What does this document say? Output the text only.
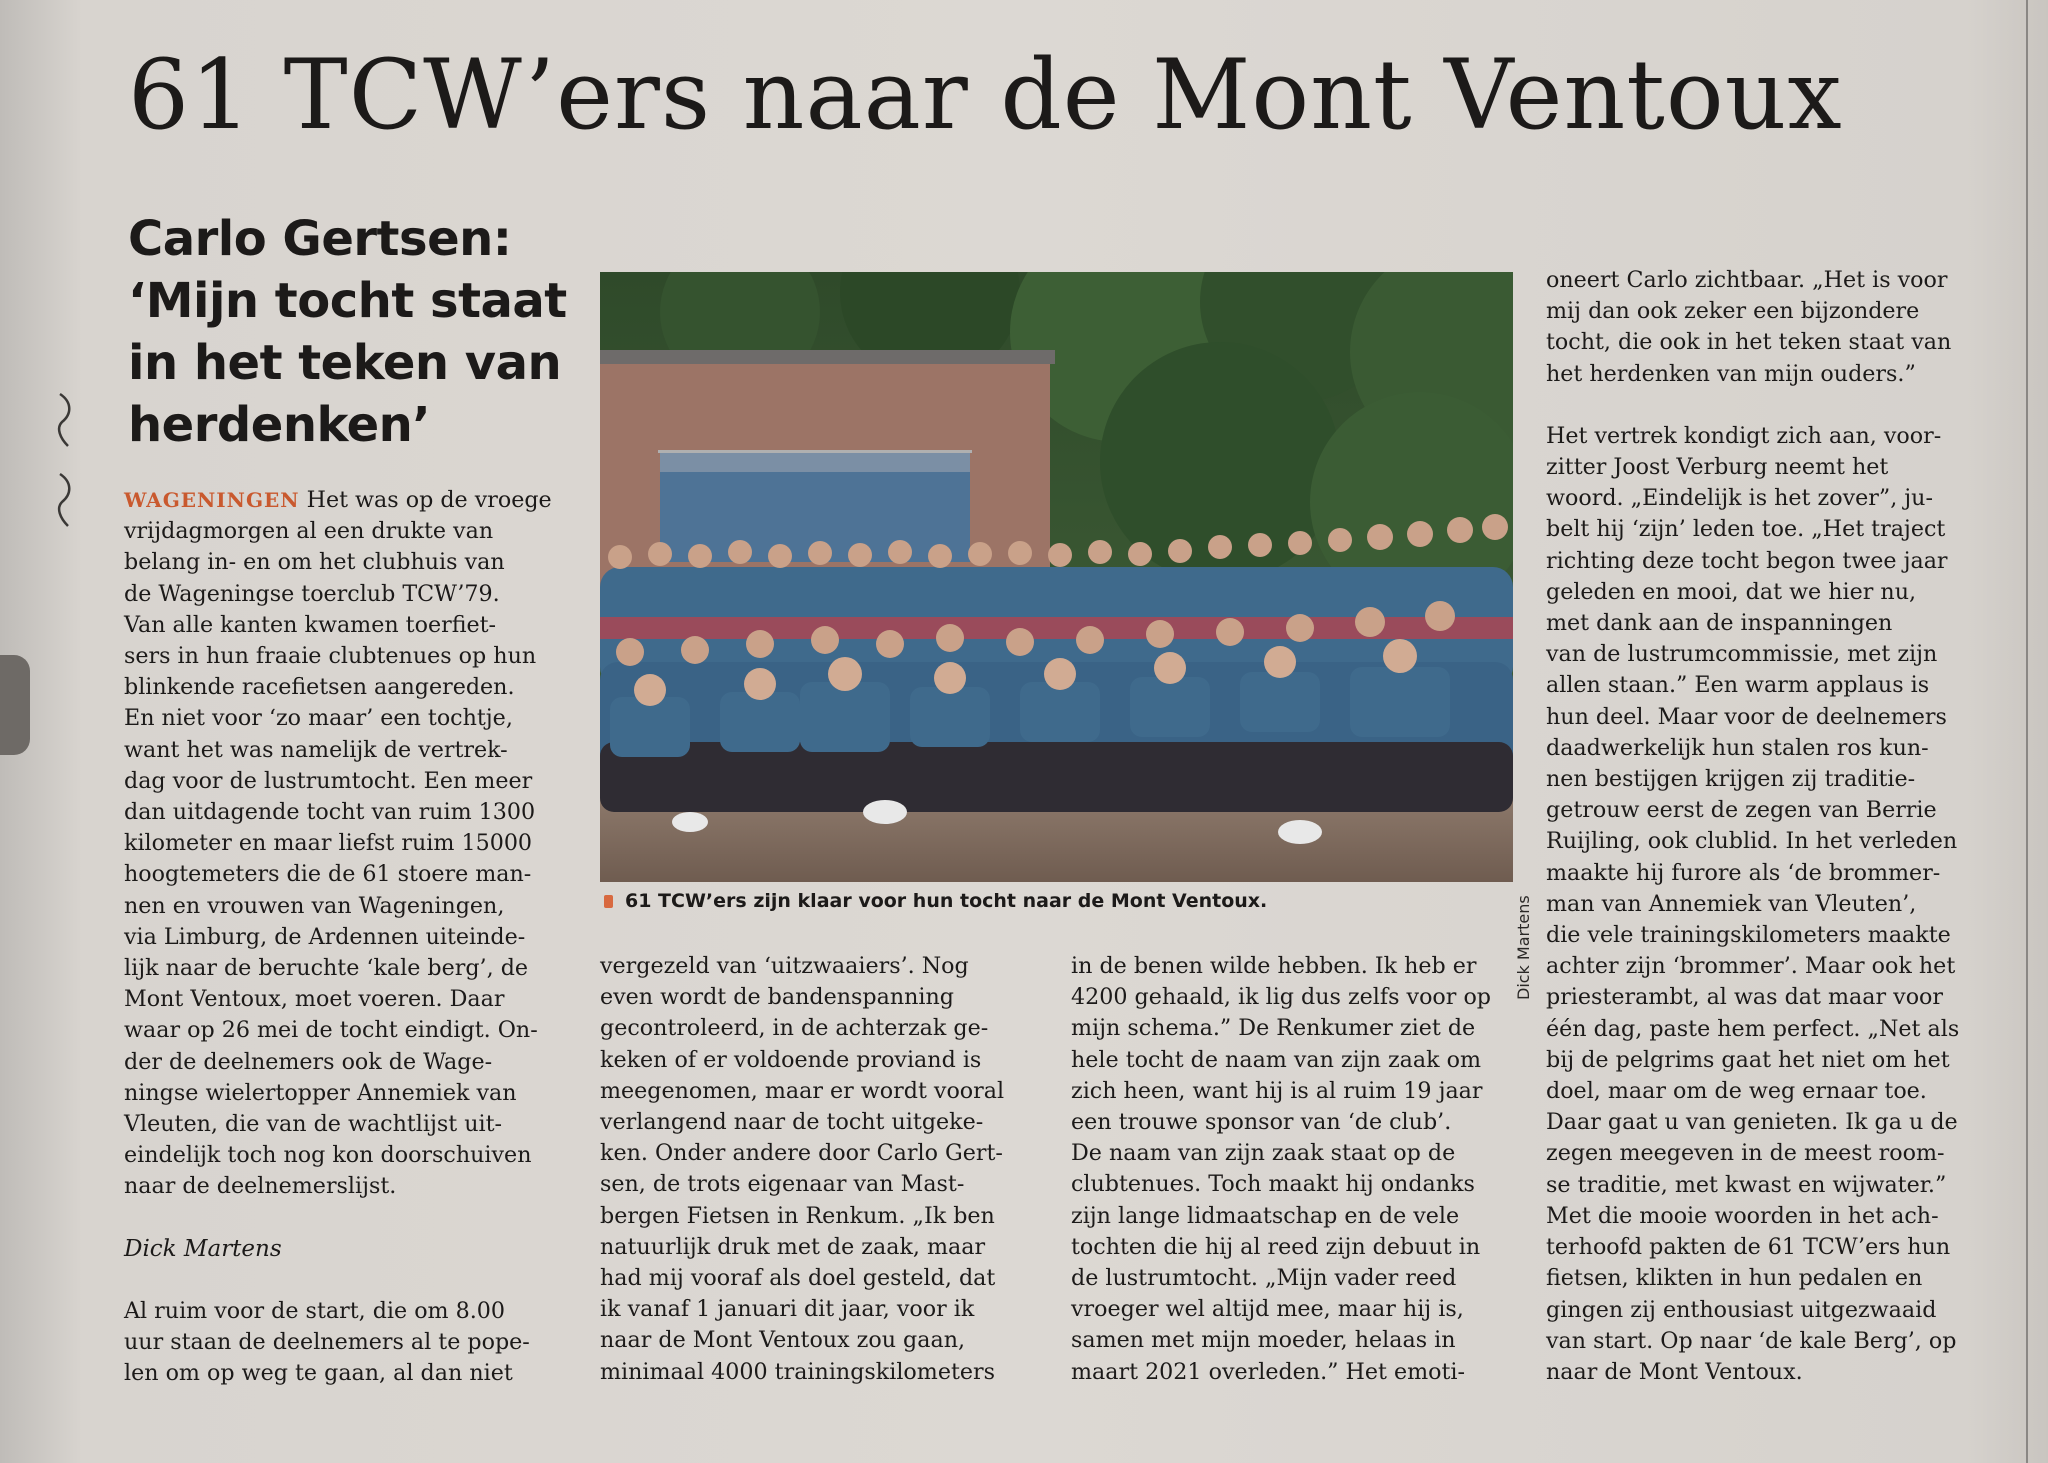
61 TCW’ers naar de Mont Ventoux
Carlo Gertsen:
‘Mijn tocht staat
in het teken van
herdenken’

WAGENINGEN Het was op de vroege
vrijdagmorgen al een drukte van
belang in- en om het clubhuis van
de Wageningse toerclub TCW’79.
Van alle kanten kwamen toerfiet-
sers in hun fraaie clubtenues op hun
blinkende racefietsen aangereden.
En niet voor ‘zo maar’ een tochtje,
want het was namelijk de vertrek-
dag voor de lustrumtocht. Een meer
dan uitdagende tocht van ruim 1300
kilometer en maar liefst ruim 15000
hoogtemeters die de 61 stoere man-
nen en vrouwen van Wageningen,
via Limburg, de Ardennen uiteinde-
lijk naar de beruchte ‘kale berg’, de
Mont Ventoux, moet voeren. Daar
waar op 26 mei de tocht eindigt. On-
der de deelnemers ook de Wage-
ningse wielertopper Annemiek van
Vleuten, die van de wachtlijst uit-
eindelijk toch nog kon doorschuiven
naar de deelnemerslijst.

Dick Martens

Al ruim voor de start, die om 8.00
uur staan de deelnemers al te pope-
len om op weg te gaan, al dan niet

Dick Martens
61 TCW’ers zijn klaar voor hun tocht naar de Mont Ventoux.

vergezeld van ‘uitzwaaiers’. Nog
even wordt de bandenspanning
gecontroleerd, in de achterzak ge-
keken of er voldoende proviand is
meegenomen, maar er wordt vooral
verlangend naar de tocht uitgeke-
ken. Onder andere door Carlo Gert-
sen, de trots eigenaar van Mast-
bergen Fietsen in Renkum. „Ik ben
natuurlijk druk met de zaak, maar
had mij vooraf als doel gesteld, dat
ik vanaf 1 januari dit jaar, voor ik
naar de Mont Ventoux zou gaan,
minimaal 4000 trainingskilometers

in de benen wilde hebben. Ik heb er
4200 gehaald, ik lig dus zelfs voor op
mijn schema.” De Renkumer ziet de
hele tocht de naam van zijn zaak om
zich heen, want hij is al ruim 19 jaar
een trouwe sponsor van ‘de club’.
De naam van zijn zaak staat op de
clubtenues. Toch maakt hij ondanks
zijn lange lidmaatschap en de vele
tochten die hij al reed zijn debuut in
de lustrumtocht. „Mijn vader reed
vroeger wel altijd mee, maar hij is,
samen met mijn moeder, helaas in
maart 2021 overleden.” Het emoti-

oneert Carlo zichtbaar. „Het is voor
mij dan ook zeker een bijzondere
tocht, die ook in het teken staat van
het herdenken van mijn ouders.”

Het vertrek kondigt zich aan, voor-
zitter Joost Verburg neemt het
woord. „Eindelijk is het zover”, ju-
belt hij ‘zijn’ leden toe. „Het traject
richting deze tocht begon twee jaar
geleden en mooi, dat we hier nu,
met dank aan de inspanningen
van de lustrumcommissie, met zijn
allen staan.” Een warm applaus is
hun deel. Maar voor de deelnemers
daadwerkelijk hun stalen ros kun-
nen bestijgen krijgen zij traditie-
getrouw eerst de zegen van Berrie
Ruijling, ook clublid. In het verleden
maakte hij furore als ‘de brommer-
man van Annemiek van Vleuten’,
die vele trainingskilometers maakte
achter zijn ‘brommer’. Maar ook het
priesterambt, al was dat maar voor
één dag, paste hem perfect. „Net als
bij de pelgrims gaat het niet om het
doel, maar om de weg ernaar toe.
Daar gaat u van genieten. Ik ga u de
zegen meegeven in de meest room-
se traditie, met kwast en wijwater.”
Met die mooie woorden in het ach-
terhoofd pakten de 61 TCW’ers hun
fietsen, klikten in hun pedalen en
gingen zij enthousiast uitgezwaaid
van start. Op naar ‘de kale Berg’, op
naar de Mont Ventoux.
